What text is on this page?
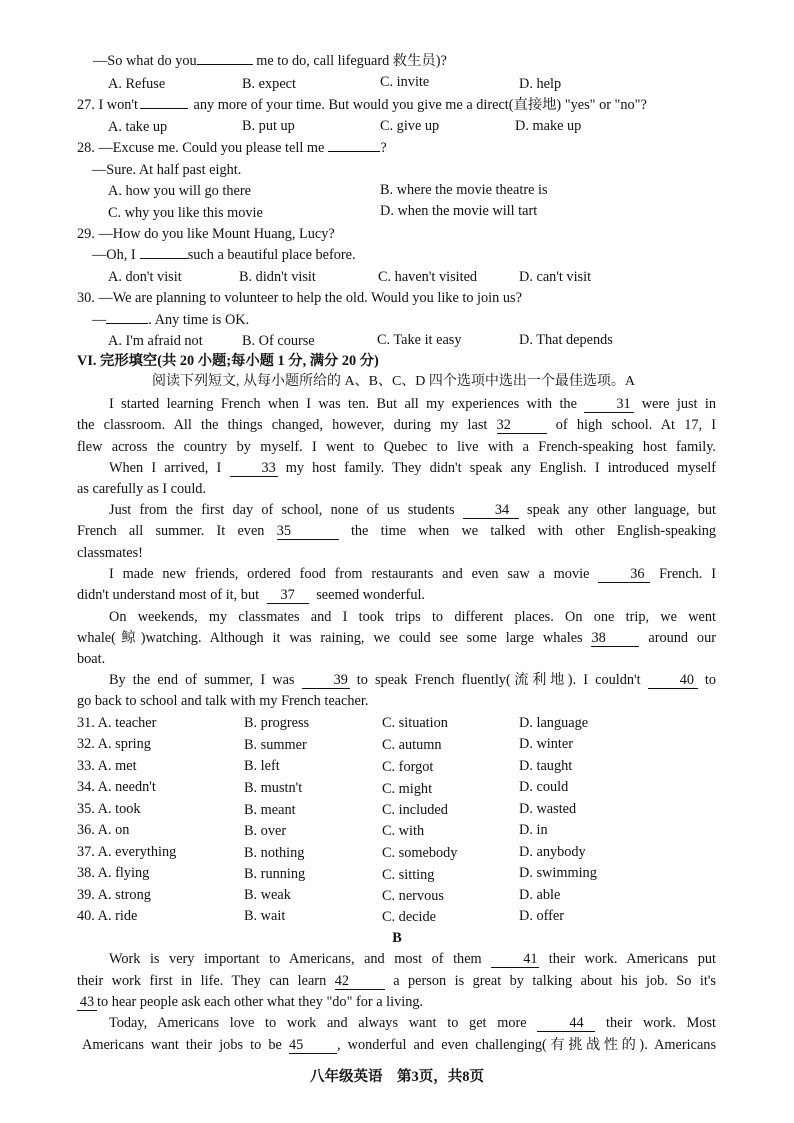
—So what do you	me to do, call lifeguard 救生员)?
A. Refuse	B. expect	C. invite	D. help
27. I won't	any more of your time. But would you give me a direct(直接地) "yes" or "no"?
A. take up	B. put up	C. give up	D. make up
28. —Excuse me. Could you please tell me	?
—Sure. At half past eight.
A. how you will go there	B. where the movie theatre is
C. why you like this movie	D. when the movie will tart
29. —How do you like Mount Huang, Lucy?
—Oh, I	such a beautiful place before.
A. don't visit	B. didn't visit	C. haven't visited	D. can't visit
30. —We are planning to volunteer to help the old. Would you like to join us?
—	. Any time is OK.
A. I'm afraid not	B. Of course	C. Take it easy	D. That depends
VI. 完形填空(共 20 小题;每小题 1 分, 满分 20 分)
阅读下列短文, 从每小题所给的 A、B、C、D 四个选项中选出一个最佳选项。A
I started learning French when I was ten. But all my experiences with the	31 were just in
the classroom. All the things changed, however, during my last 32	of high school. At 17, I
flew across the country by myself. I went to Quebec to live with a French-speaking host family.
When I arrived, I	33 my host family. They didn't speak any English. I introduced myself
as carefully as I could.
Just from the first day of school, none of us students	34 speak any other language, but
French all summer. It even 35	the time when we talked with other English-speaking
classmates!
I made new friends, ordered food from restaurants and even saw a movie	36 French. I
didn't understand most of it, but 37 seemed wonderful.
On weekends, my classmates and I took trips to different places. On one trip, we went
whale(鲸)watching. Although it was raining, we could see some large whales 38	around our
boat.
By the end of summer, I was	39 to speak French fluently(流利地). I couldn't	40 to
go back to school and talk with my French teacher.
31. A. teacher	B. progress	C. situation	D. language
32. A. spring	B. summer	C. autumn	D. winter
33. A. met	B. left	C. forgot	D. taught
34. A. needn't	B. mustn't	C. might	D. could
35. A. took	B. meant	C. included	D. wasted
36. A. on	B. over	C. with	D. in
37. A. everything	B. nothing	C. somebody	D. anybody
38. A. flying	B. running	C. sitting	D. swimming
39. A. strong	B. weak	C. nervous	D. able
40. A. ride	B. wait	C. decide	D. offer
B
Work is very important to Americans, and most of them	41 their work. Americans put
their work first in life. They can learn 42	a person is great by talking about his job. So it's
43 to hear people ask each other what they "do" for a living.
Today, Americans love to work and always want to get more	44 their work. Most
Americans want their jobs to be 45 , wonderful and even challenging(有挑战性的). Americans
八年级英语　第3页，共8页
